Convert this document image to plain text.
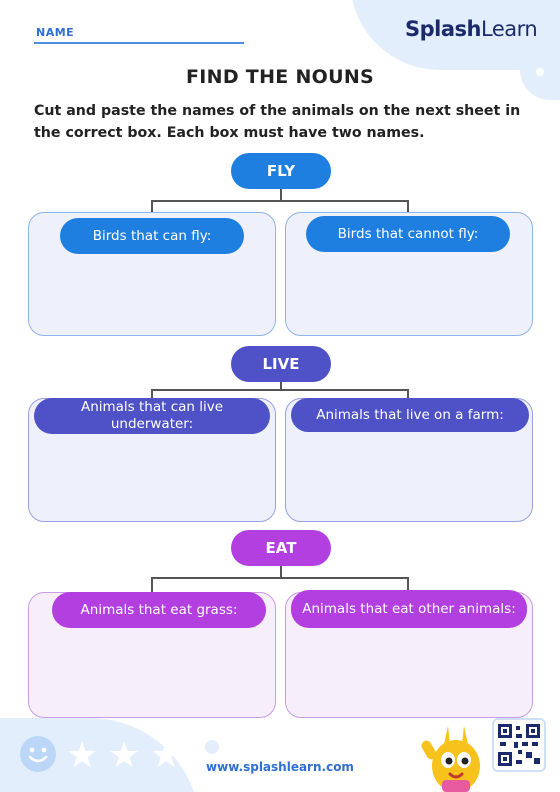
SplashLearn
NAME
FIND THE NOUNS
Cut and paste the names of the animals on the next sheet in the correct box. Each box must have two names.
FLY
Birds that can fly:	Birds that cannot fly:
LIVE
Animals that can live underwater:
Animals that live on a farm:
EAT
Animals that eat grass:	Animals that eat other animals:
★ ★ ★	www.splashlearn.com
